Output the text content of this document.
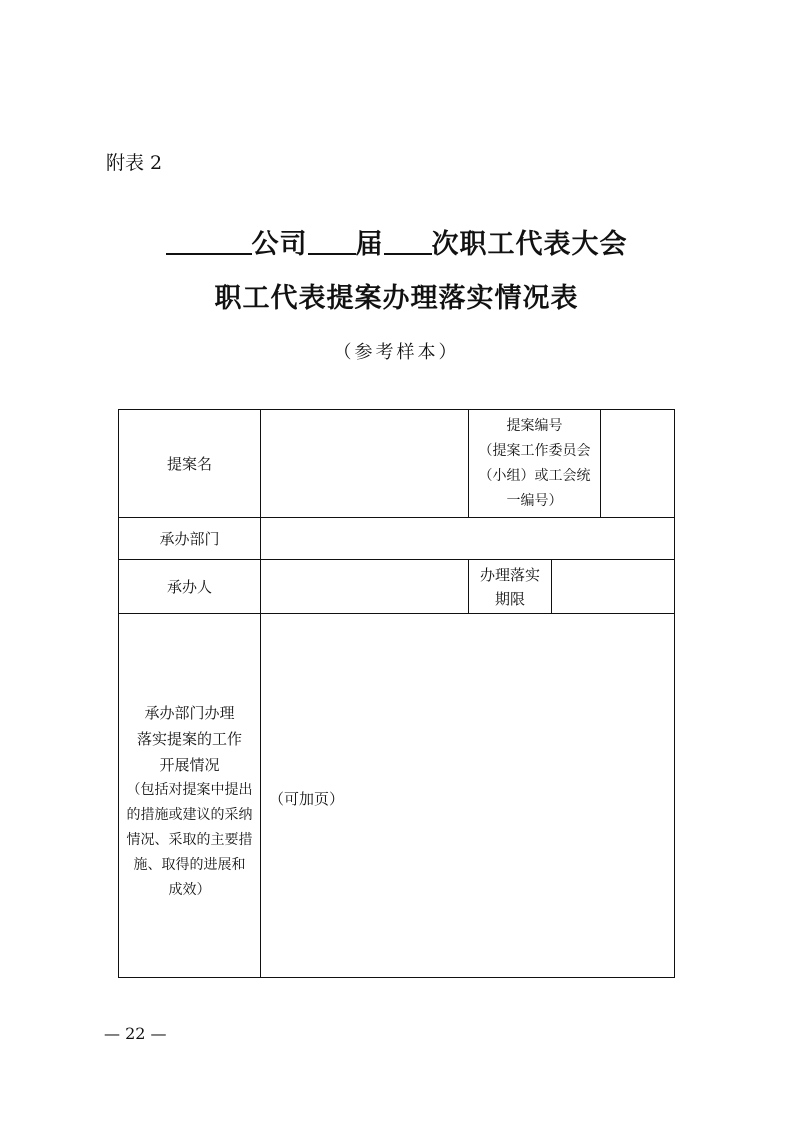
附表 2
公司 届 次职工代表大会
职工代表提案办理落实情况表
（参考样本）
提案名
提案编号
（提案工作委员会
（小组）或工会统
一编号）
承办部门
承办人
办理落实
期限
承办部门办理
落实提案的工作
开展情况
（包括对提案中提出
的措施或建议的采纳
情况、采取的主要措
施、取得的进展和
成效）
（可加页）
— 22 —
